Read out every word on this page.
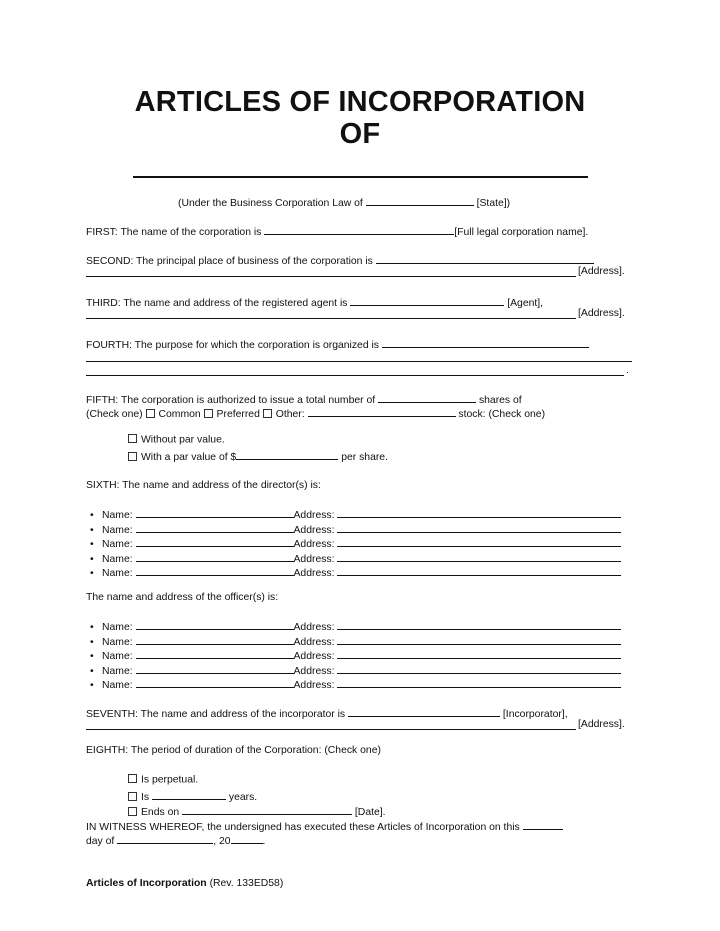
ARTICLES OF INCORPORATION
OF
(Under the Business Corporation Law of	[State])
FIRST: The name of the corporation is	[Full legal corporation name].
SECOND: The principal place of business of the corporation is
[Address].
THIRD: The name and address of the registered agent is	[Agent],
[Address].
FOURTH: The purpose for which the corporation is organized is
.
FIFTH: The corporation is authorized to issue a total number of	shares of
(Check one) Common Preferred Other:	stock: (Check one)
Without par value.
With a par value of $	per share.
SIXTH: The name and address of the director(s) is:
• Name:	Address:
• Name:	Address:
• Name:	Address:
• Name:	Address:
• Name:	Address:
The name and address of the officer(s) is:
• Name:	Address:
• Name:	Address:
• Name:	Address:
• Name:	Address:
• Name:	Address:
SEVENTH: The name and address of the incorporator is	[Incorporator],
[Address].
EIGHTH: The period of duration of the Corporation: (Check one)
Is perpetual.
Is	years.
Ends on	[Date].
IN WITNESS WHEREOF, the undersigned has executed these Articles of Incorporation on this
day of	, 20	.
Articles of Incorporation (Rev. 133ED58)
